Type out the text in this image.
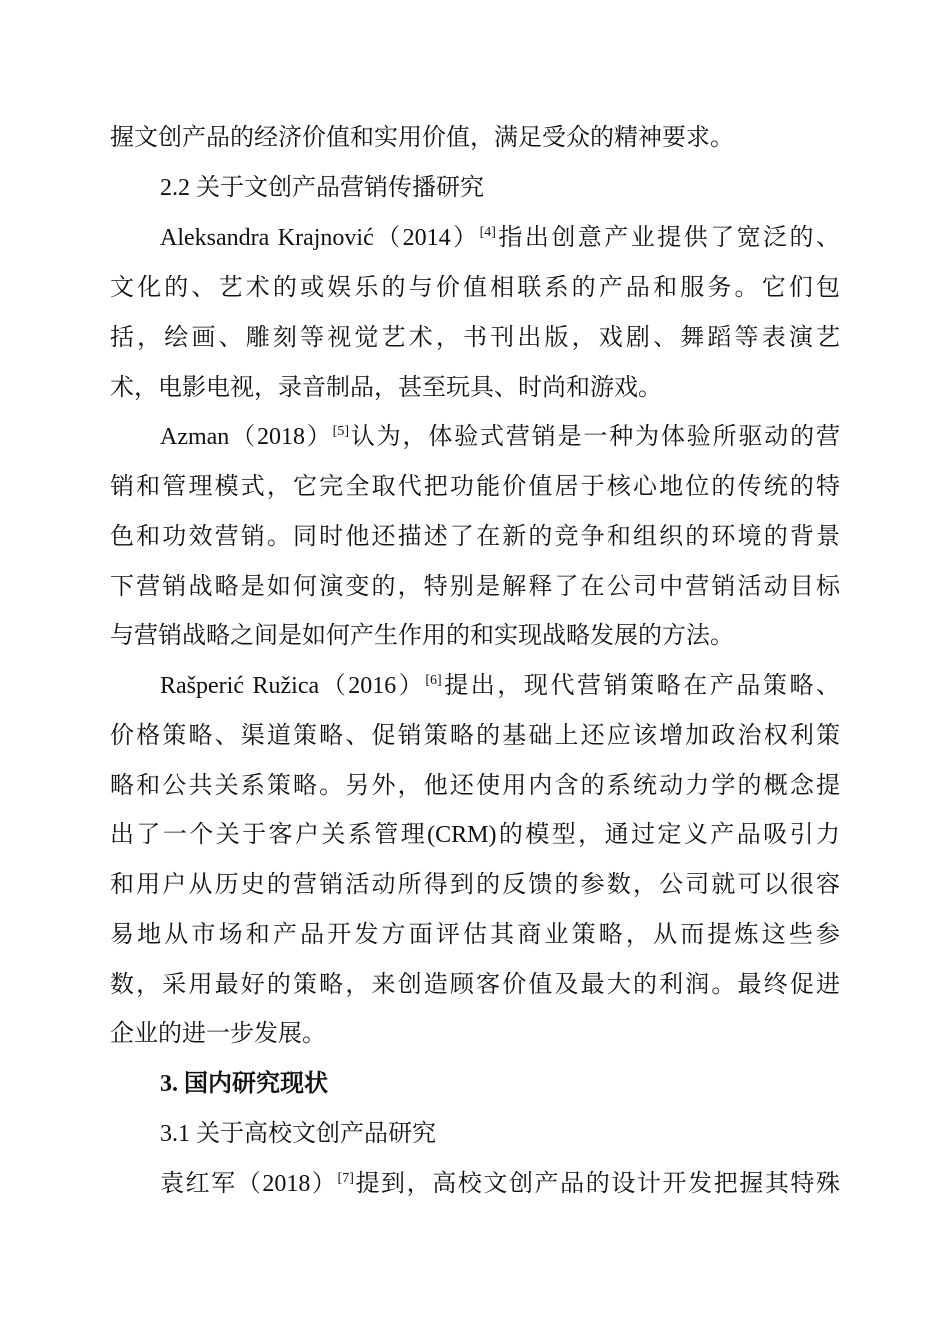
握文创产品的经济价值和实用价值，满足受众的精神要求。
2.2 关于文创产品营销传播研究
Aleksandra Krajnović（2014）[4]指出创意产业提供了宽泛的、
文化的、艺术的或娱乐的与价值相联系的产品和服务。它们包
括，绘画、雕刻等视觉艺术，书刊出版，戏剧、舞蹈等表演艺
术，电影电视，录音制品，甚至玩具、时尚和游戏。
Azman（2018）[5]认为，体验式营销是一种为体验所驱动的营
销和管理模式，它完全取代把功能价值居于核心地位的传统的特
色和功效营销。同时他还描述了在新的竞争和组织的环境的背景
下营销战略是如何演变的，特别是解释了在公司中营销活动目标
与营销战略之间是如何产生作用的和实现战略发展的方法。
Rašperić Ružica（2016）[6]提出，现代营销策略在产品策略、
价格策略、渠道策略、促销策略的基础上还应该增加政治权利策
略和公共关系策略。另外，他还使用内含的系统动力学的概念提
出了一个关于客户关系管理(CRM)的模型，通过定义产品吸引力
和用户从历史的营销活动所得到的反馈的参数，公司就可以很容
易地从市场和产品开发方面评估其商业策略，从而提炼这些参
数，采用最好的策略，来创造顾客价值及最大的利润。最终促进
企业的进一步发展。
3. 国内研究现状
3.1 关于高校文创产品研究
袁红军（2018）[7]提到，高校文创产品的设计开发把握其特殊
